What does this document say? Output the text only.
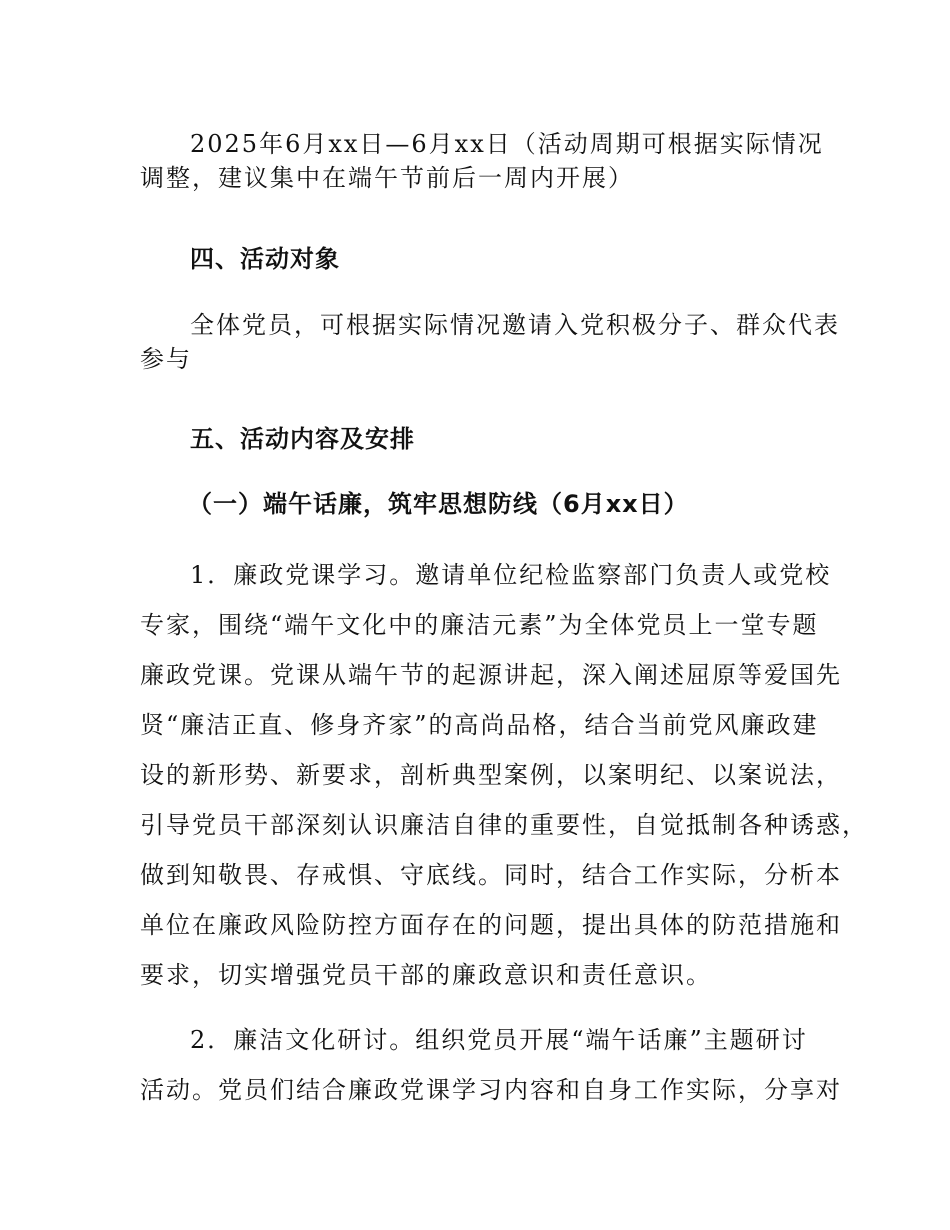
2025年6月xx日—6月xx日（活动周期可根据实际情况
调整，建议集中在端午节前后一周内开展）

四、活动对象

全体党员，可根据实际情况邀请入党积极分子、群众代表
参与

五、活动内容及安排
（一）端午话廉，筑牢思想防线（6月xx日）

1．廉政党课学习。邀请单位纪检监察部门负责人或党校
专家，围绕“端午文化中的廉洁元素”为全体党员上一堂专题
廉政党课。党课从端午节的起源讲起，深入阐述屈原等爱国先
贤“廉洁正直、修身齐家”的高尚品格，结合当前党风廉政建
设的新形势、新要求，剖析典型案例，以案明纪、以案说法，
引导党员干部深刻认识廉洁自律的重要性，自觉抵制各种诱惑，
做到知敬畏、存戒惧、守底线。同时，结合工作实际，分析本
单位在廉政风险防控方面存在的问题，提出具体的防范措施和
要求，切实增强党员干部的廉政意识和责任意识。

2．廉洁文化研讨。组织党员开展“端午话廉”主题研讨
活动。党员们结合廉政党课学习内容和自身工作实际，分享对
